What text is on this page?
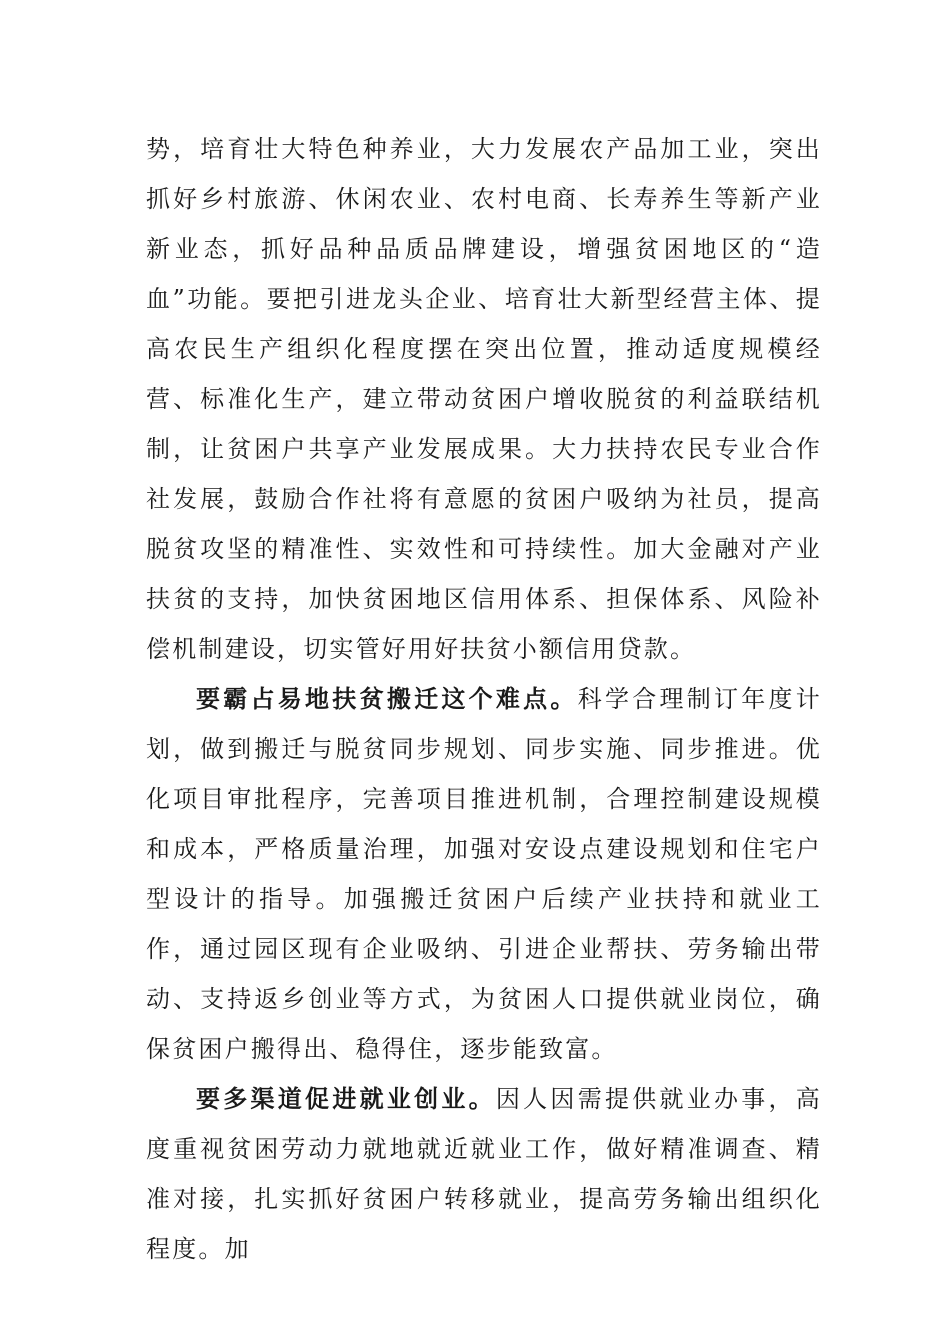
势，培育壮大特色种养业，大力发展农产品加工业，突出抓好乡村旅游、休闲农业、农村电商、长寿养生等新产业新业态，抓好品种品质品牌建设，增强贫困地区的“造血”功能。要把引进龙头企业、培育壮大新型经营主体、提高农民生产组织化程度摆在突出位置，推动适度规模经营、标准化生产，建立带动贫困户增收脱贫的利益联结机制，让贫困户共享产业发展成果。大力扶持农民专业合作社发展，鼓励合作社将有意愿的贫困户吸纳为社员，提高脱贫攻坚的精准性、实效性和可持续性。加大金融对产业扶贫的支持，加快贫困地区信用体系、担保体系、风险补偿机制建设，切实管好用好扶贫小额信用贷款。

要霸占易地扶贫搬迁这个难点。科学合理制订年度计划，做到搬迁与脱贫同步规划、同步实施、同步推进。优化项目审批程序，完善项目推进机制，合理控制建设规模和成本，严格质量治理，加强对安设点建设规划和住宅户型设计的指导。加强搬迁贫困户后续产业扶持和就业工作，通过园区现有企业吸纳、引进企业帮扶、劳务输出带动、支持返乡创业等方式，为贫困人口提供就业岗位，确保贫困户搬得出、稳得住，逐步能致富。

要多渠道促进就业创业。因人因需提供就业办事，高度重视贫困劳动力就地就近就业工作，做好精准调查、精准对接，扎实抓好贫困户转移就业，提高劳务输出组织化程度。加
